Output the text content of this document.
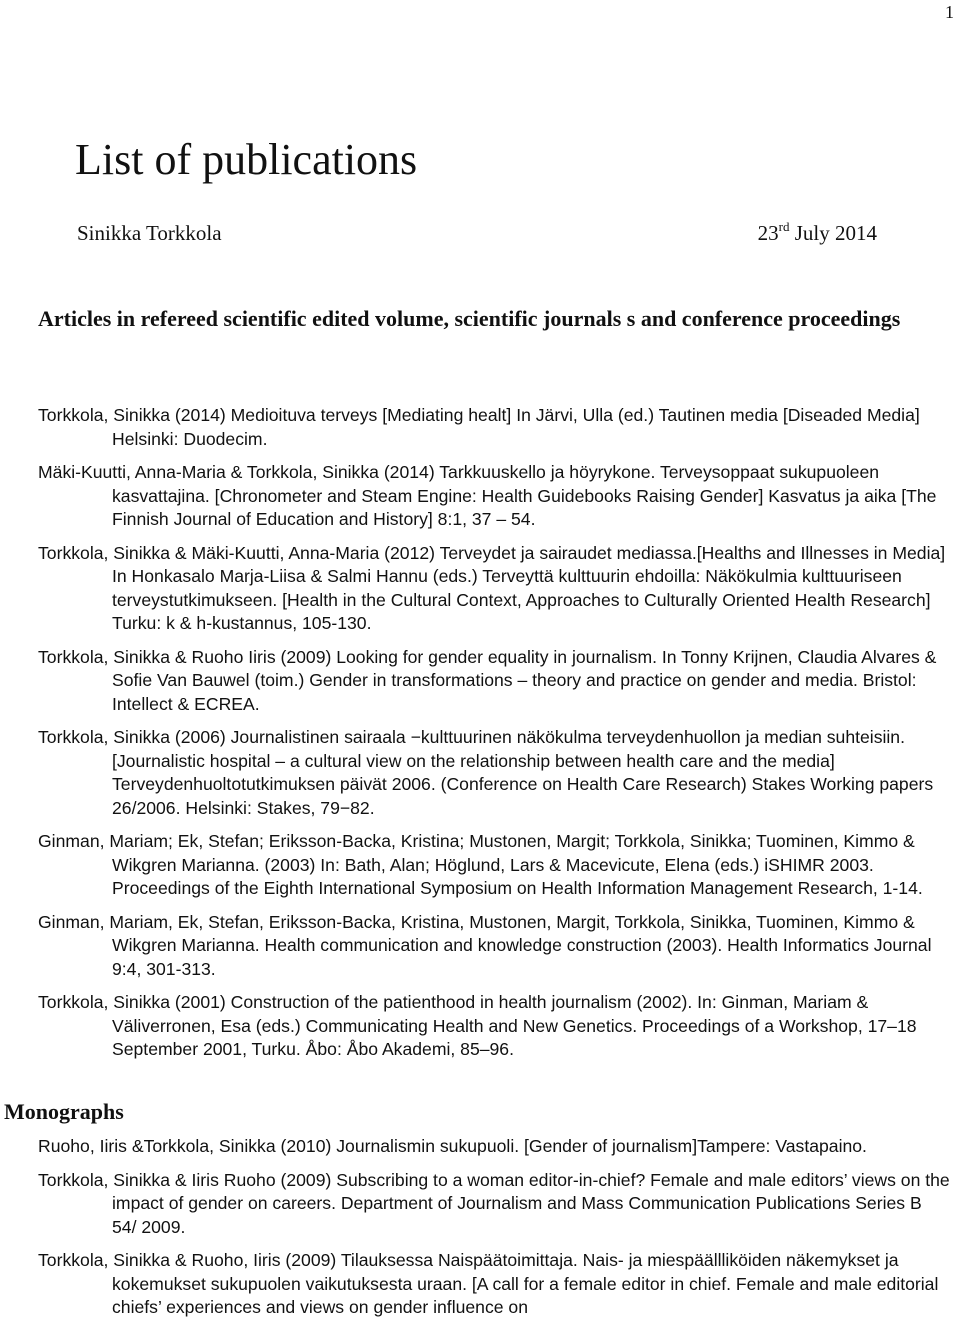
1
List of publications
Sinikka Torkkola	23rd July 2014
Articles in refereed scientific edited volume, scientific journals s and conference proceedings
Torkkola, Sinikka (2014) Medioituva terveys [Mediating healt] In Järvi, Ulla (ed.) Tautinen media [Diseaded Media] Helsinki: Duodecim.
Mäki-Kuutti, Anna-Maria & Torkkola, Sinikka (2014) Tarkkuuskello ja höyrykone. Terveysoppaat sukupuoleen kasvattajina. [Chronometer and Steam Engine: Health Guidebooks Raising Gender] Kasvatus ja aika [The Finnish Journal of Education and History] 8:1, 37 – 54.
Torkkola, Sinikka & Mäki-Kuutti, Anna-Maria (2012) Terveydet ja sairaudet mediassa.[Healths and Illnesses in Media] In Honkasalo Marja-Liisa & Salmi Hannu (eds.) Terveyttä kulttuurin ehdoilla: Näkökulmia kulttuuriseen terveystutkimukseen. [Health in the Cultural Context, Approaches to Culturally Oriented Health Research] Turku: k & h-kustannus, 105-130.
Torkkola, Sinikka & Ruoho Iiris (2009) Looking for gender equality in journalism. In Tonny Krijnen, Claudia Alvares & Sofie Van Bauwel (toim.) Gender in transformations – theory and practice on gender and media. Bristol: Intellect & ECREA.
Torkkola, Sinikka (2006) Journalistinen sairaala −kulttuurinen näkökulma terveydenhuollon ja median suhteisiin. [Journalistic hospital – a cultural view on the relationship between health care and the media] Terveydenhuoltotutkimuksen päivät 2006. (Conference on Health Care Research) Stakes Working papers 26/2006. Helsinki: Stakes, 79−82.
Ginman, Mariam; Ek, Stefan; Eriksson-Backa, Kristina; Mustonen, Margit; Torkkola, Sinikka; Tuominen, Kimmo & Wikgren Marianna. (2003) In: Bath, Alan; Höglund, Lars & Macevicute, Elena (eds.) iSHIMR 2003. Proceedings of the Eighth International Symposium on Health Information Management Research, 1-14.
Ginman, Mariam, Ek, Stefan, Eriksson-Backa, Kristina, Mustonen, Margit, Torkkola, Sinikka, Tuominen, Kimmo & Wikgren Marianna. Health communication and knowledge construction (2003). Health Informatics Journal 9:4, 301-313.
Torkkola, Sinikka (2001) Construction of the patienthood in health journalism (2002). In: Ginman, Mariam & Väliverronen, Esa (eds.) Communicating Health and New Genetics. Proceedings of a Workshop, 17–18 September 2001, Turku. Åbo: Åbo Akademi, 85–96.
Monographs
Ruoho, Iiris &Torkkola, Sinikka (2010) Journalismin sukupuoli. [Gender of journalism]Tampere: Vastapaino.
Torkkola, Sinikka & Iiris Ruoho (2009) Subscribing to a woman editor-in-chief? Female and male editors’ views on the impact of gender on careers. Department of Journalism and Mass Communication Publications Series B 54/ 2009.
Torkkola, Sinikka & Ruoho, Iiris (2009) Tilauksessa Naispäätoimittaja. Nais- ja miespäällliköiden näkemykset ja kokemukset sukupuolen vaikutuksesta uraan. [A call for a female editor in chief. Female and male editorial chiefs’ experiences and views on gender influence on
